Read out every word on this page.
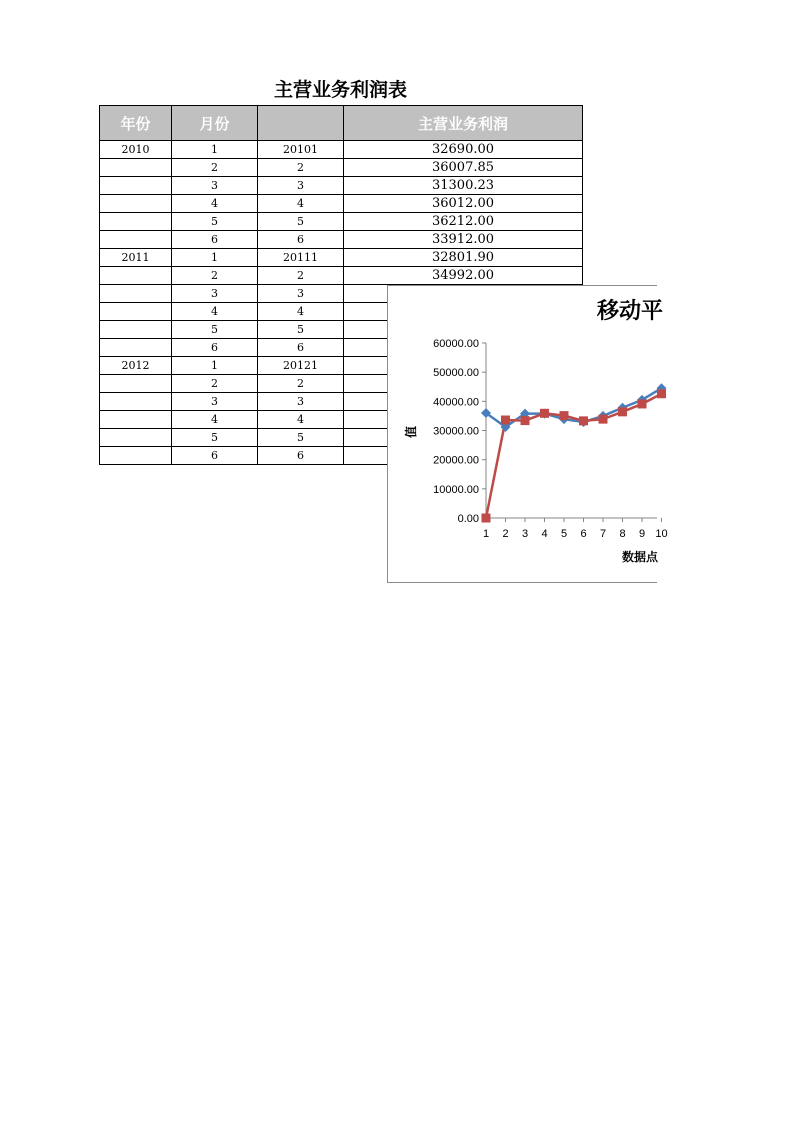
主营业务利润表
年份	月份		主营业务利润
2010	1	20101	32690.00
	2	2	36007.85
	3	3	31300.23
	4	4	36012.00
	5	5	36212.00
	6	6	33912.00
2011	1	20111	32801.90
	2	2	34992.00
	3	3	
	4	4	
	5	5	
	6	6	
2012	1	20121	
	2	2	
	3	3	
	4	4	
	5	5	
	6	6	
移动平
值
数据点
0.00
10000.00
20000.00
30000.00
40000.00
50000.00
60000.00
1 2 3 4 5 6 7 8 9 10
